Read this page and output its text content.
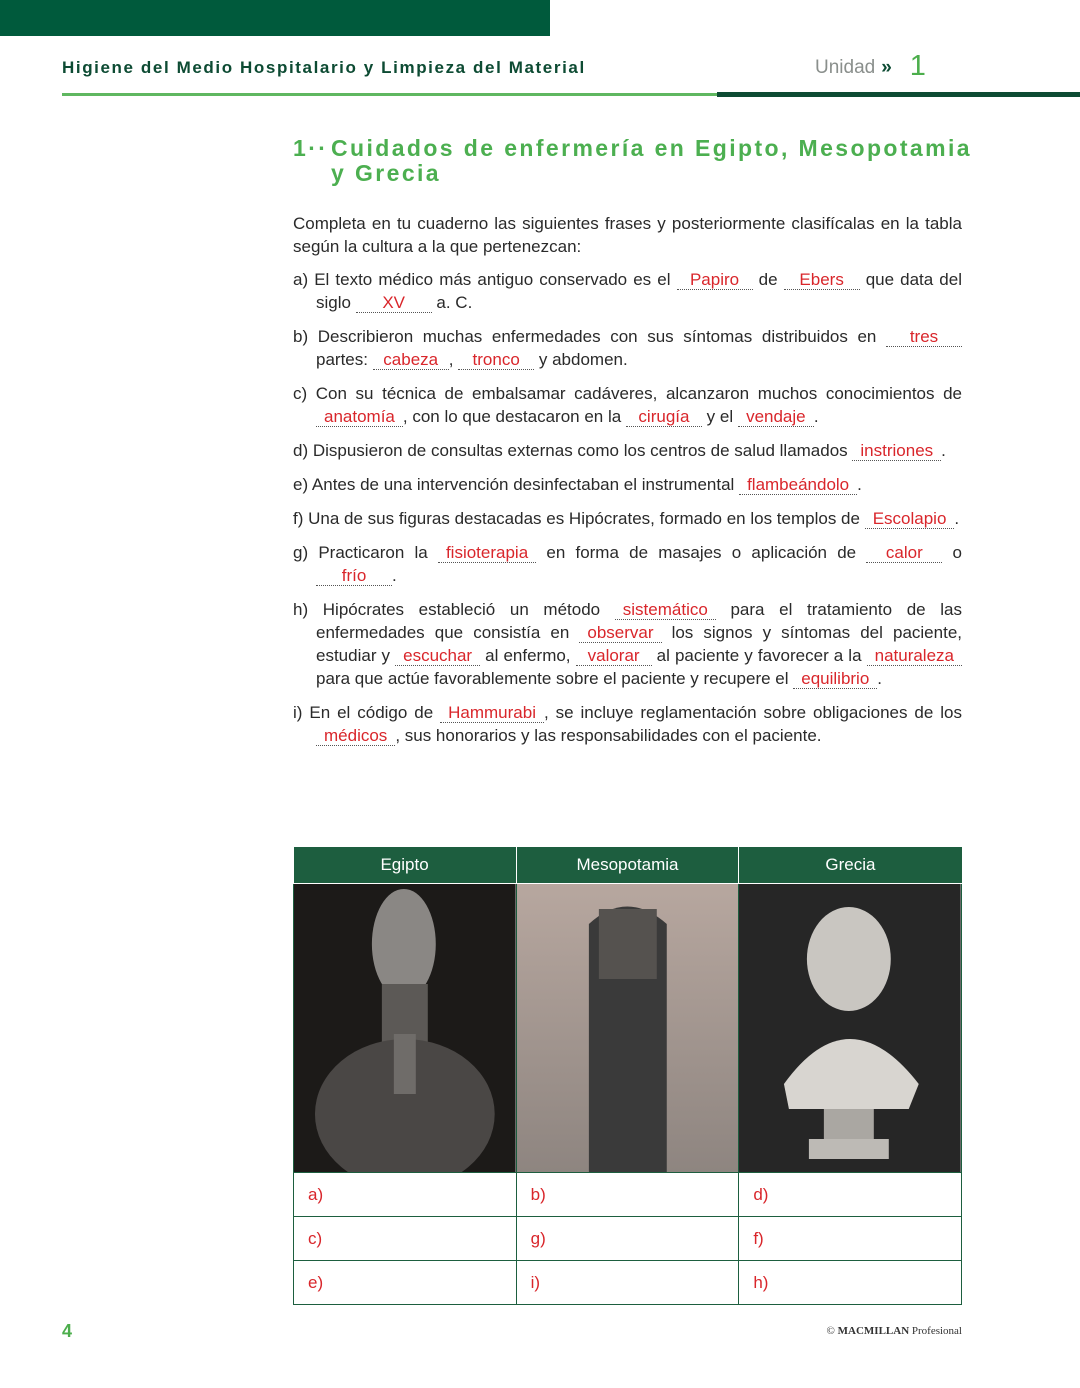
Higiene del Medio Hospitalario y Limpieza del Material	Unidad » 1
1·· Cuidados de enfermería en Egipto, Mesopotamia
y Grecia
Completa en tu cuaderno las siguientes frases y posteriormente clasifícalas en la tabla según la cultura a la que pertenezcan:
a) El texto médico más antiguo conservado es el Papiro de Ebers que data del siglo XV a. C.
b) Describieron muchas enfermedades con sus síntomas distribuidos en tres partes: cabeza , tronco y abdomen.
c) Con su técnica de embalsamar cadáveres, alcanzaron muchos conocimientos de anatomía , con lo que destacaron en la cirugía y el vendaje .
d) Dispusieron de consultas externas como los centros de salud llamados instriones .
e) Antes de una intervención desinfectaban el instrumental flambeándolo .
f) Una de sus figuras destacadas es Hipócrates, formado en los templos de Escolapio .
g) Practicaron la fisioterapia en forma de masajes o aplicación de calor o frío .
h) Hipócrates estableció un método sistemático para el tratamiento de las enfermedades que consistía en observar los signos y síntomas del paciente, estudiar y escuchar al enfermo, valorar al paciente y favorecer a la naturaleza para que actúe favorablemente sobre el paciente y recupere el equilibrio .
i) En el código de Hammurabi , se incluye reglamentación sobre obligaciones de los médicos , sus honorarios y las responsabilidades con el paciente.
Egipto	Mesopotamia	Grecia

a)	b)	d)
c)	g)	f)
e)	i)	h)
4	© MACMILLAN Profesional
